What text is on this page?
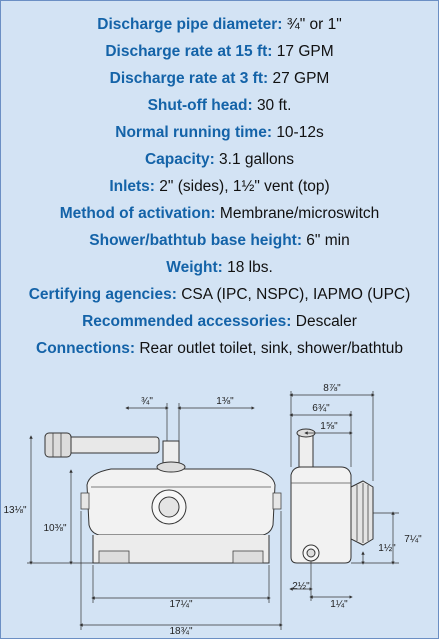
Discharge pipe diameter: ¾" or 1"
Discharge rate at 15 ft: 17 GPM
Discharge rate at 3 ft: 27 GPM
Shut-off head: 30 ft.
Normal running time: 10-12s
Capacity: 3.1 gallons
Inlets: 2" (sides), 1½" vent (top)
Method of activation: Membrane/microswitch
Shower/bathtub base height: 6" min
Weight: 18 lbs.
Certifying agencies: CSA (IPC, NSPC), IAPMO (UPC)
Recommended accessories: Descaler
Connections: Rear outlet toilet, sink, shower/bathtub
¾"	1⅜"
13⅛"
10⅜"
17¼"
18¾"
8⅞"
6¾"
1⅝"
7¼"
1½"
2½"
1¼"
